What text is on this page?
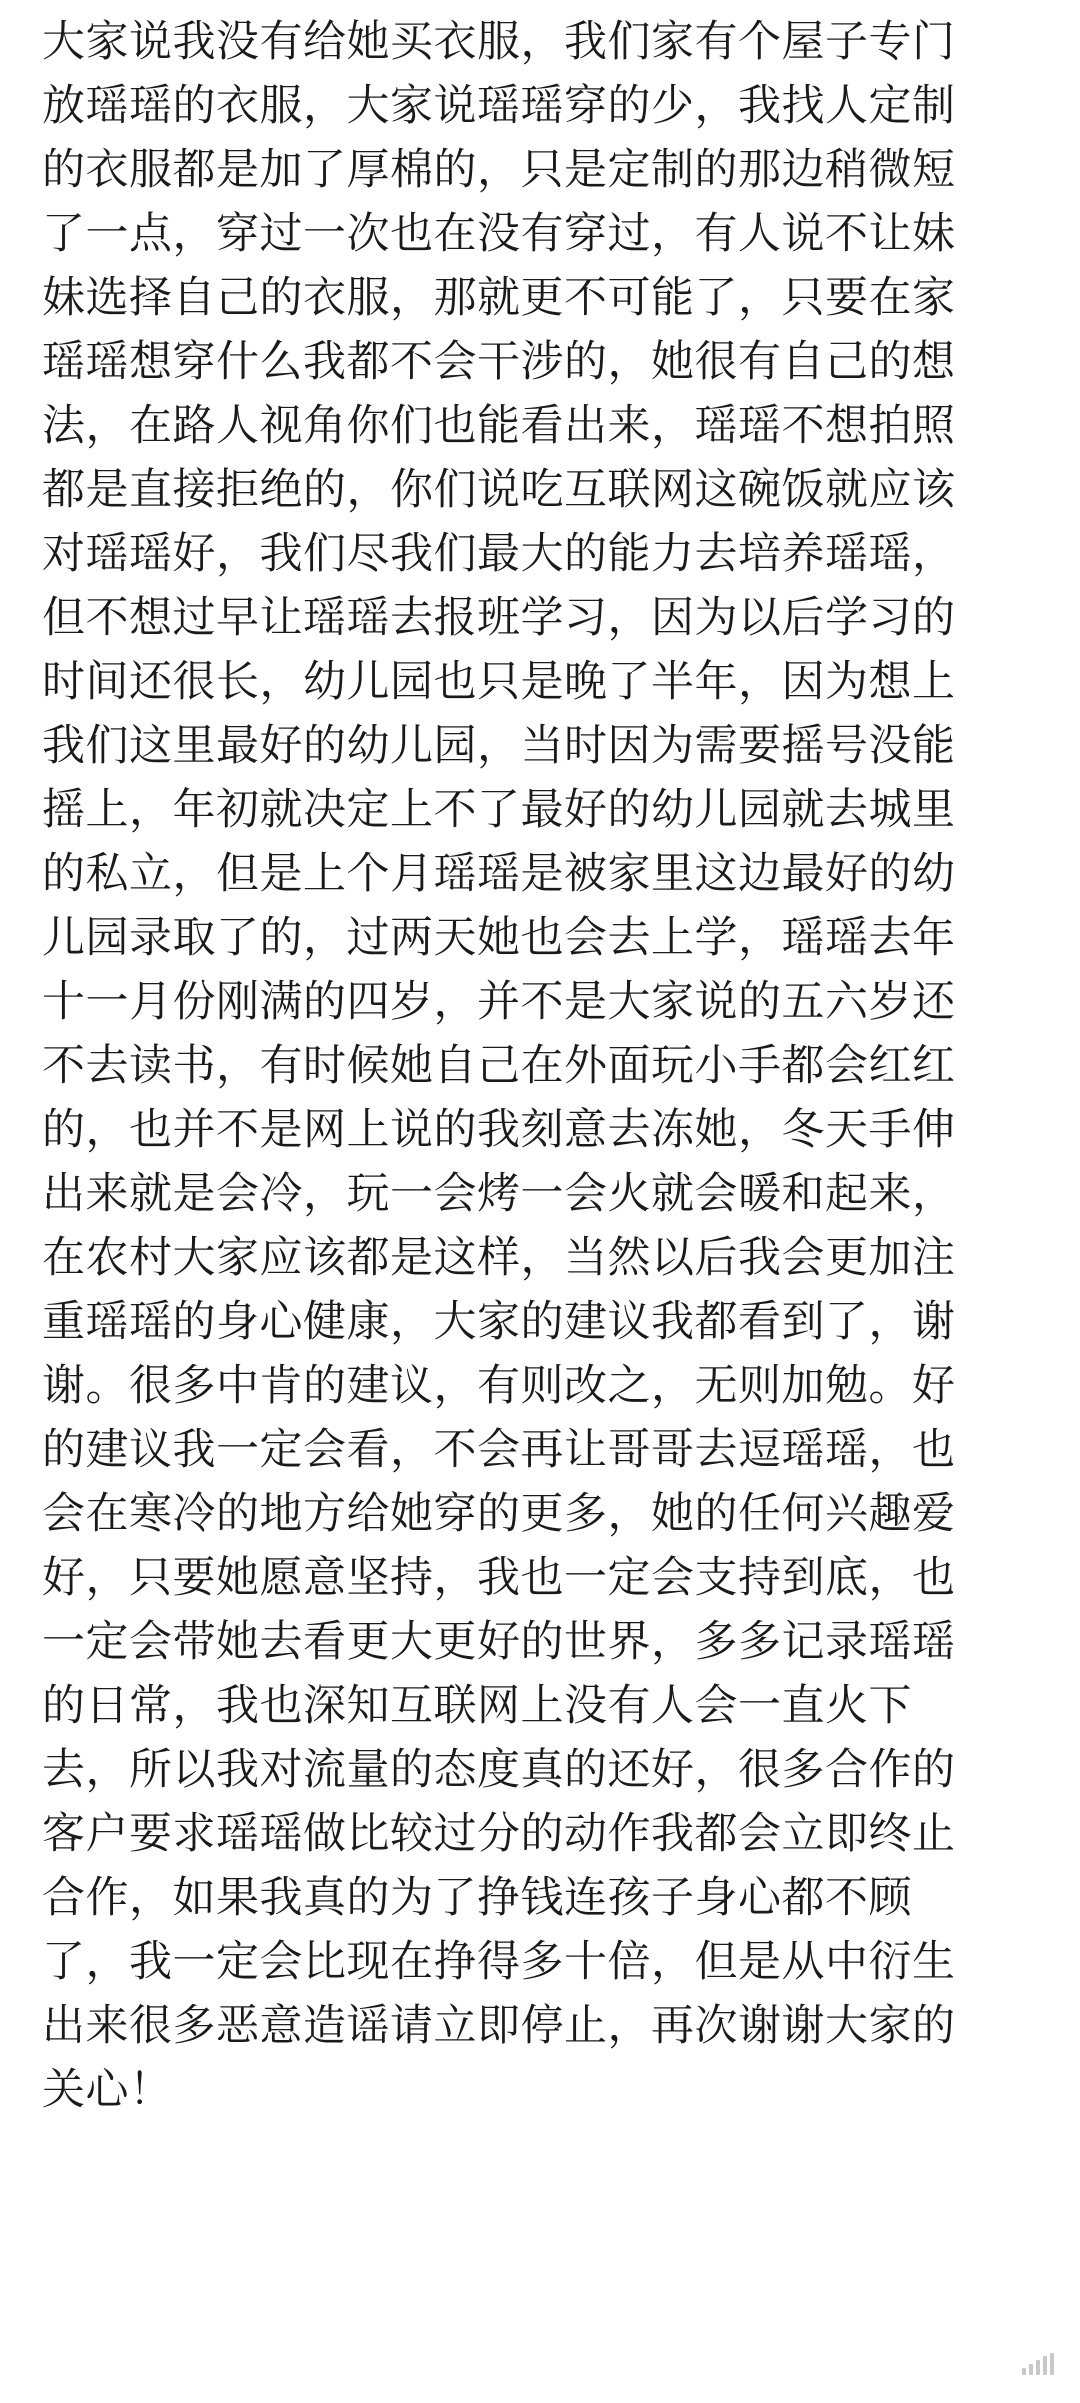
大家说我没有给她买衣服，我们家有个屋子专门
放瑶瑶的衣服，大家说瑶瑶穿的少，我找人定制
的衣服都是加了厚棉的，只是定制的那边稍微短
了一点，穿过一次也在没有穿过，有人说不让妹
妹选择自己的衣服，那就更不可能了，只要在家
瑶瑶想穿什么我都不会干涉的，她很有自己的想
法，在路人视角你们也能看出来，瑶瑶不想拍照
都是直接拒绝的，你们说吃互联网这碗饭就应该
对瑶瑶好，我们尽我们最大的能力去培养瑶瑶，
但不想过早让瑶瑶去报班学习，因为以后学习的
时间还很长，幼儿园也只是晚了半年，因为想上
我们这里最好的幼儿园，当时因为需要摇号没能
摇上，年初就决定上不了最好的幼儿园就去城里
的私立，但是上个月瑶瑶是被家里这边最好的幼
儿园录取了的，过两天她也会去上学，瑶瑶去年
十一月份刚满的四岁，并不是大家说的五六岁还
不去读书，有时候她自己在外面玩小手都会红红
的，也并不是网上说的我刻意去冻她，冬天手伸
出来就是会冷，玩一会烤一会火就会暖和起来，
在农村大家应该都是这样，当然以后我会更加注
重瑶瑶的身心健康，大家的建议我都看到了，谢
谢。很多中肯的建议，有则改之，无则加勉。好
的建议我一定会看，不会再让哥哥去逗瑶瑶，也
会在寒冷的地方给她穿的更多，她的任何兴趣爱
好，只要她愿意坚持，我也一定会支持到底，也
一定会带她去看更大更好的世界，多多记录瑶瑶
的日常，我也深知互联网上没有人会一直火下
去，所以我对流量的态度真的还好，很多合作的
客户要求瑶瑶做比较过分的动作我都会立即终止
合作，如果我真的为了挣钱连孩子身心都不顾
了，我一定会比现在挣得多十倍，但是从中衍生
出来很多恶意造谣请立即停止，再次谢谢大家的
关心！
